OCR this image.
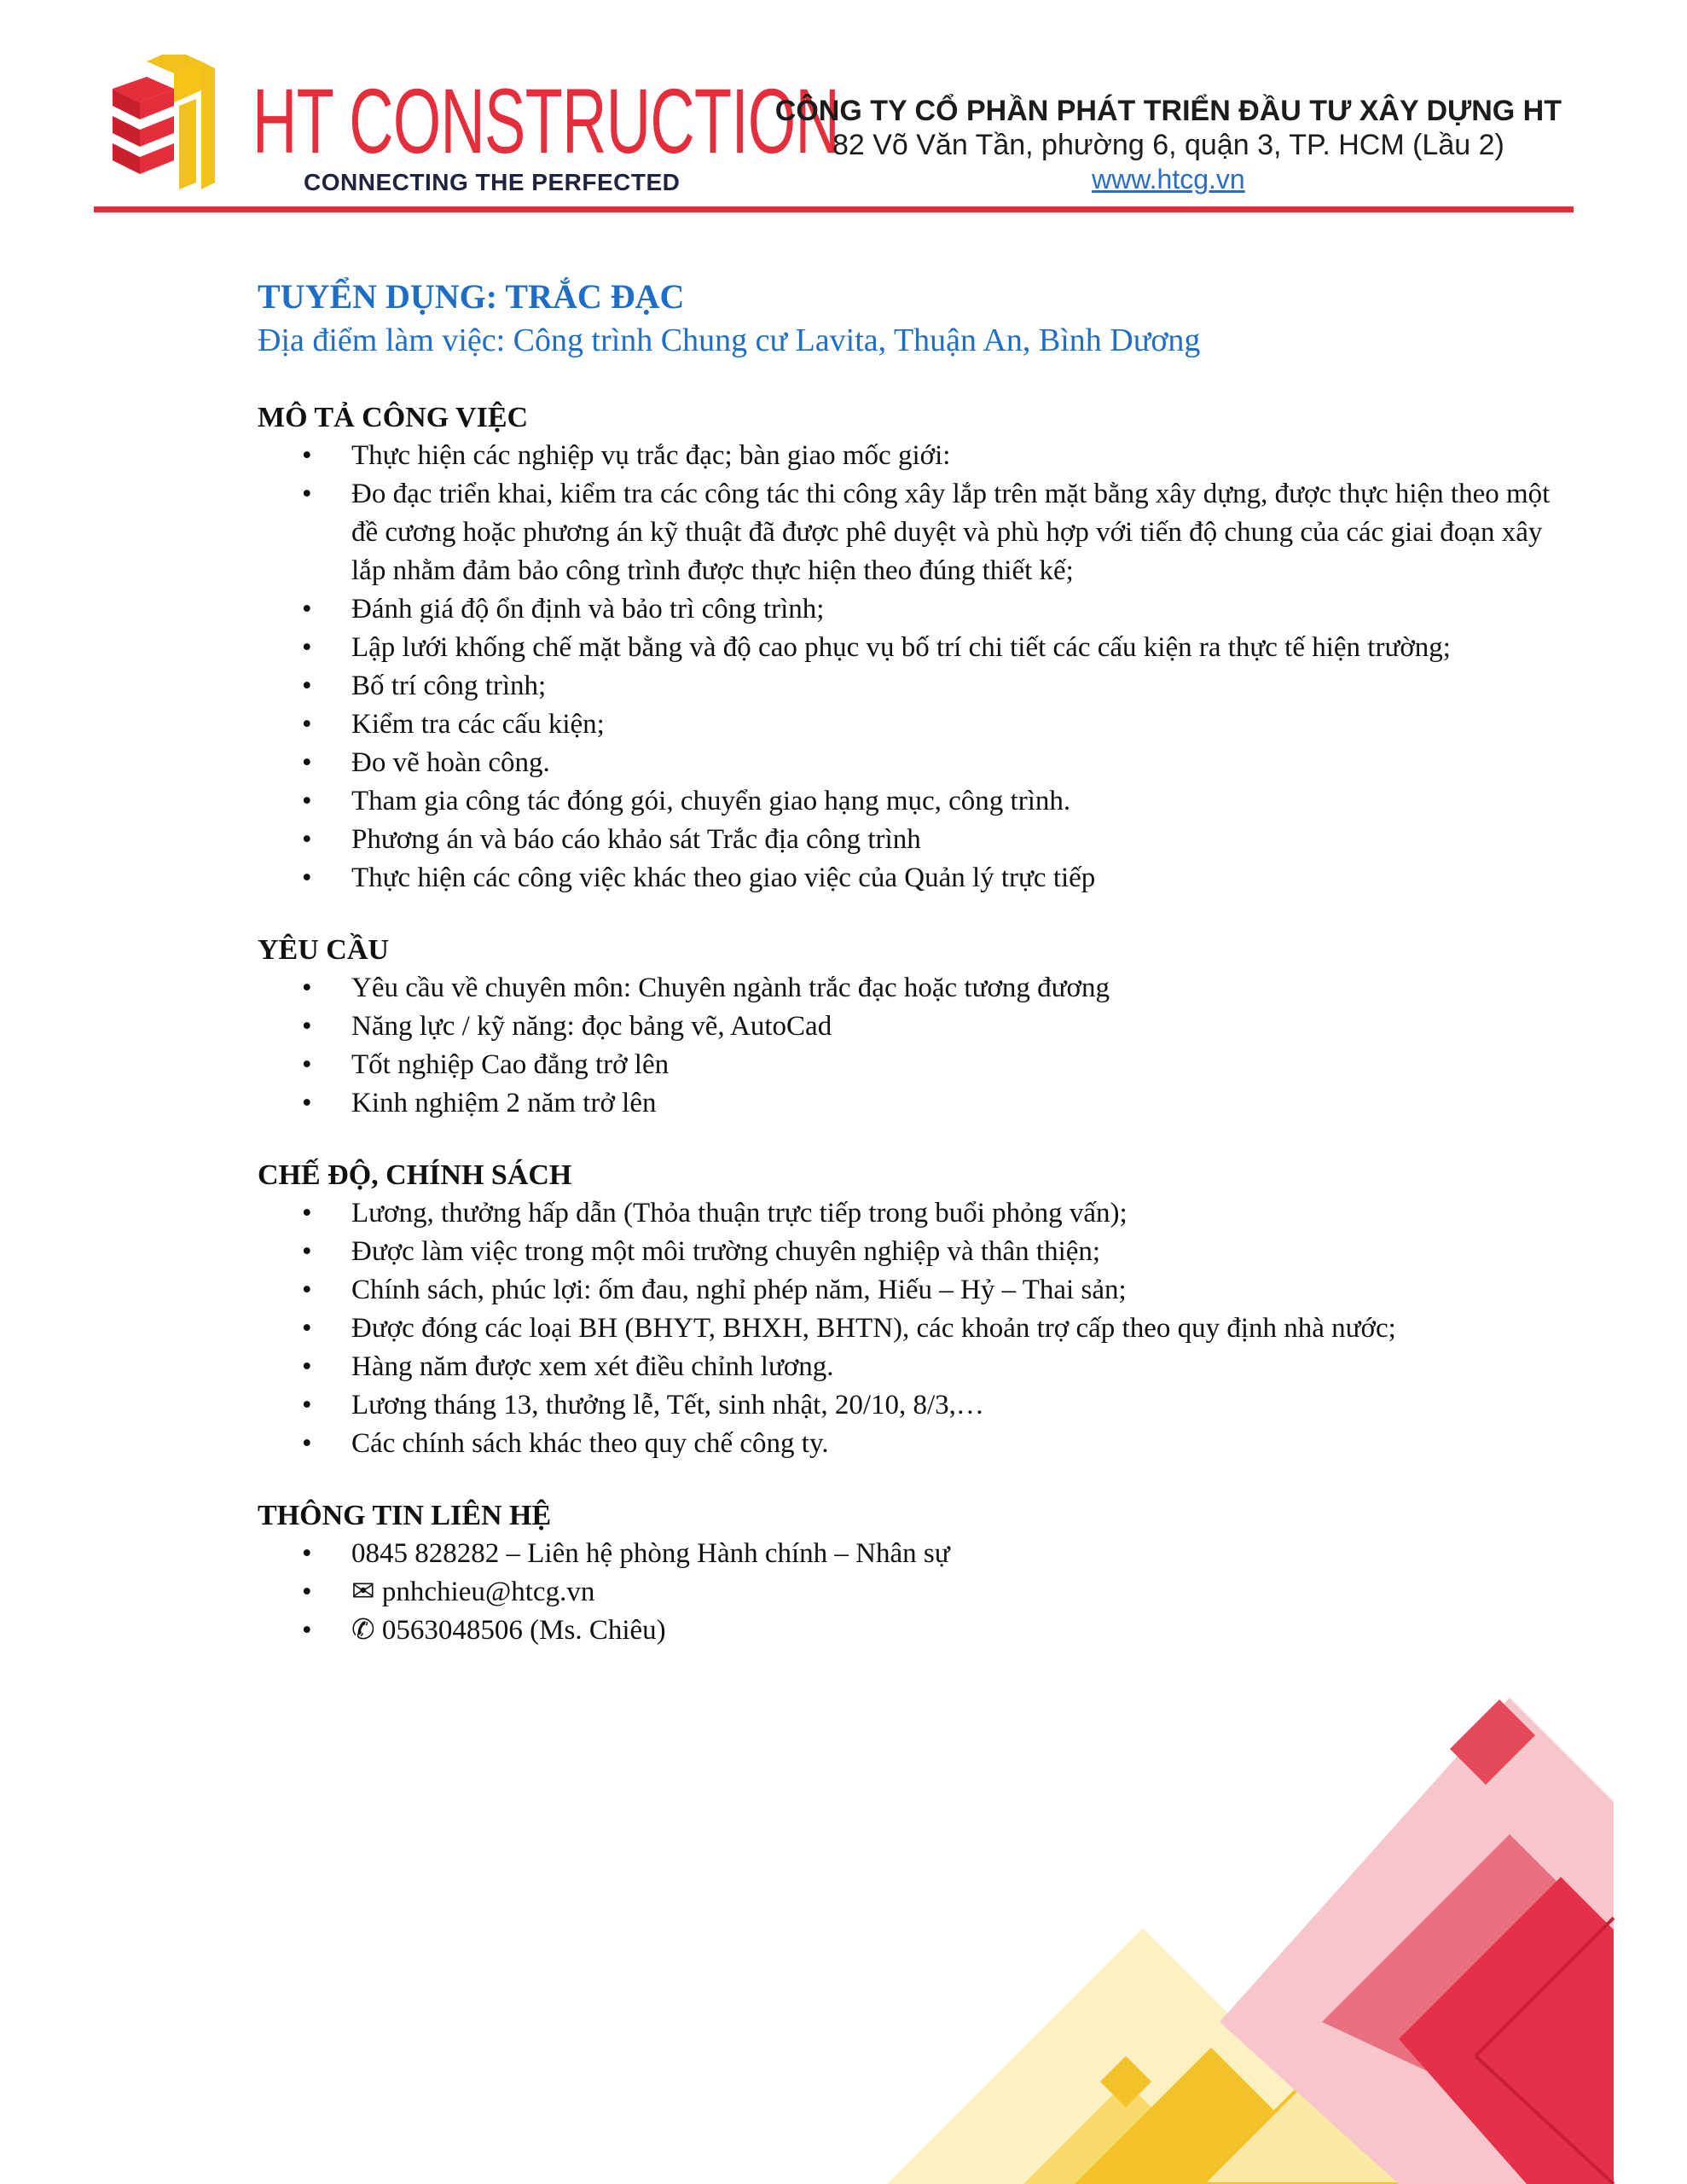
HT CONSTRUCTION
CONNECTING THE PERFECTED
CÔNG TY CỔ PHẦN PHÁT TRIỂN ĐẦU TƯ XÂY DỰNG HT
82 Võ Văn Tần, phường 6, quận 3, TP. HCM (Lầu 2)
www.htcg.vn
TUYỂN DỤNG: TRẮC ĐẠC
Địa điểm làm việc: Công trình Chung cư Lavita, Thuận An, Bình Dương
MÔ TẢ CÔNG VIỆC
• Thực hiện các nghiệp vụ trắc đạc; bàn giao mốc giới:
• Đo đạc triển khai, kiểm tra các công tác thi công xây lắp trên mặt bằng xây dựng, được thực hiện theo một đề cương hoặc phương án kỹ thuật đã được phê duyệt và phù hợp với tiến độ chung của các giai đoạn xây lắp nhằm đảm bảo công trình được thực hiện theo đúng thiết kế;
• Đánh giá độ ổn định và bảo trì công trình;
• Lập lưới khống chế mặt bằng và độ cao phục vụ bố trí chi tiết các cấu kiện ra thực tế hiện trường;
• Bố trí công trình;
• Kiểm tra các cấu kiện;
• Đo vẽ hoàn công.
• Tham gia công tác đóng gói, chuyển giao hạng mục, công trình.
• Phương án và báo cáo khảo sát Trắc địa công trình
• Thực hiện các công việc khác theo giao việc của Quản lý trực tiếp
YÊU CẦU
• Yêu cầu về chuyên môn: Chuyên ngành trắc đạc hoặc tương đương
• Năng lực / kỹ năng: đọc bảng vẽ, AutoCad
• Tốt nghiệp Cao đẳng trở lên
• Kinh nghiệm 2 năm trở lên
CHẾ ĐỘ, CHÍNH SÁCH
• Lương, thưởng hấp dẫn (Thỏa thuận trực tiếp trong buổi phỏng vấn);
• Được làm việc trong một môi trường chuyên nghiệp và thân thiện;
• Chính sách, phúc lợi: ốm đau, nghỉ phép năm, Hiếu – Hỷ – Thai sản;
• Được đóng các loại BH (BHYT, BHXH, BHTN), các khoản trợ cấp theo quy định nhà nước;
• Hàng năm được xem xét điều chỉnh lương.
• Lương tháng 13, thưởng lễ, Tết, sinh nhật, 20/10, 8/3,…
• Các chính sách khác theo quy chế công ty.
THÔNG TIN LIÊN HỆ
• 0845 828282 – Liên hệ phòng Hành chính – Nhân sự
• ✉ pnhchieu@htcg.vn
• ✆ 0563048506 (Ms. Chiêu)
